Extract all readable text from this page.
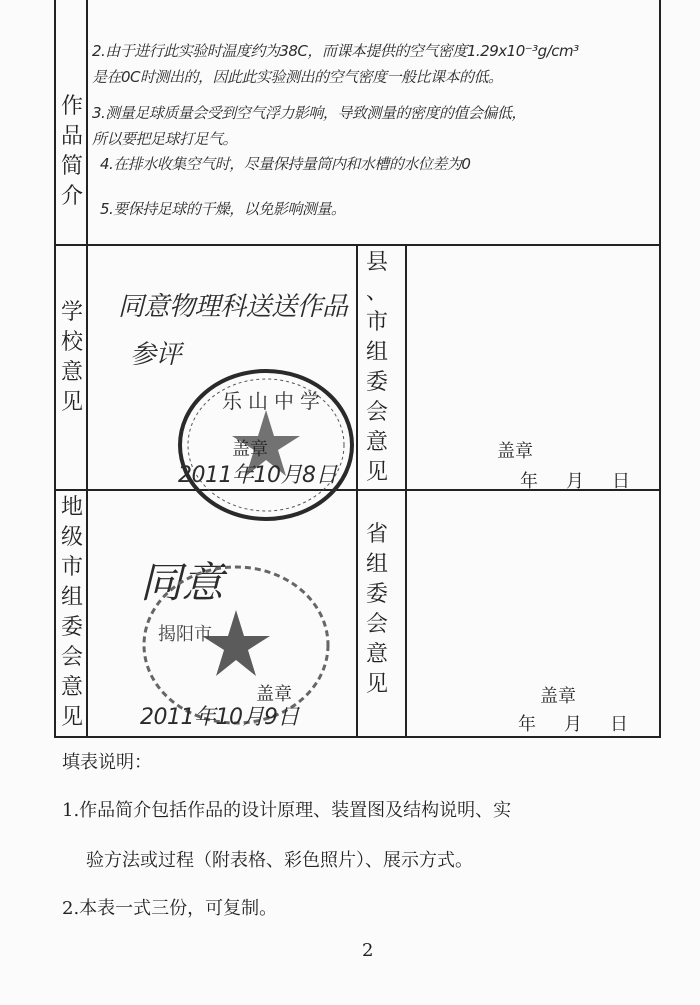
作品简介
2.由于进行此实验时温度约为38C，而课本提供的空气密度1.29x10⁻³g/cm³
是在0C时测出的，因此此实验测出的空气密度一般比课本的低。
3.测量足球质量会受到空气浮力影响，导致测量的密度的值会偏低，
所以要把足球打足气。
4.在排水收集空气时，尽量保持量筒内和水槽的水位差为0
5.要保持足球的干燥，以免影响测量。
学校意见
同意物理科送送作品
参评
乐山中学
盖章
2011年10月8日
县、市组委会意见
盖章
年 月 日
地级市组委会意见
同意
揭阳市
盖章
2011年10月9日
省组委会意见	盖章
年 月 日
填表说明：
1.作品简介包括作品的设计原理、装置图及结构说明、实
验方法或过程（附表格、彩色照片）、展示方式。
2.本表一式三份，可复制。
2
